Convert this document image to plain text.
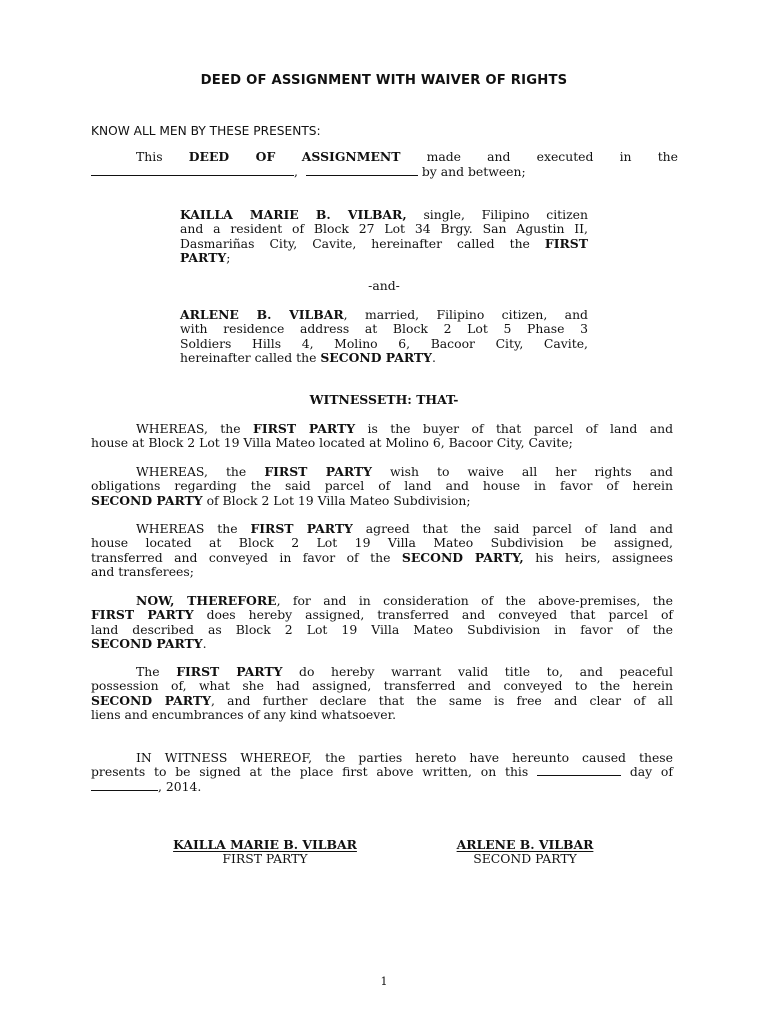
DEED OF ASSIGNMENT WITH WAIVER OF RIGHTS
KNOW ALL MEN BY THESE PRESENTS:
This DEED OF ASSIGNMENT made and executed in the
,	by and between;
KAILLA MARIE B. VILBAR, single, Filipino citizen
and a resident of Block 27 Lot 34 Brgy. San Agustin II,
Dasmariñas City, Cavite, hereinafter called the FIRST
PARTY;
-and-
ARLENE B. VILBAR, married, Filipino citizen, and
with residence address at Block 2 Lot 5 Phase 3
Soldiers Hills 4, Molino 6, Bacoor City, Cavite,
hereinafter called the SECOND PARTY.
WITNESSETH: THAT-
WHEREAS, the FIRST PARTY is the buyer of that parcel of land and
house at Block 2 Lot 19 Villa Mateo located at Molino 6, Bacoor City, Cavite;
WHEREAS, the FIRST PARTY wish to waive all her rights and
obligations regarding the said parcel of land and house in favor of herein
SECOND PARTY of Block 2 Lot 19 Villa Mateo Subdivision;
WHEREAS the FIRST PARTY agreed that the said parcel of land and
house located at Block 2 Lot 19 Villa Mateo Subdivision be assigned,
transferred and conveyed in favor of the SECOND PARTY, his heirs, assignees
and transferees;
NOW, THEREFORE, for and in consideration of the above-premises, the
FIRST PARTY does hereby assigned, transferred and conveyed that parcel of
land described as Block 2 Lot 19 Villa Mateo Subdivision in favor of the
SECOND PARTY.
The FIRST PARTY do hereby warrant valid title to, and peaceful
possession of, what she had assigned, transferred and conveyed to the herein
SECOND PARTY, and further declare that the same is free and clear of all
liens and encumbrances of any kind whatsoever.
IN WITNESS WHEREOF, the parties hereto have hereunto caused these
presents to be signed at the place first above written, on this	day of
, 2014.
KAILLA MARIE B. VILBAR
FIRST PARTY
ARLENE B. VILBAR
SECOND PARTY
1
